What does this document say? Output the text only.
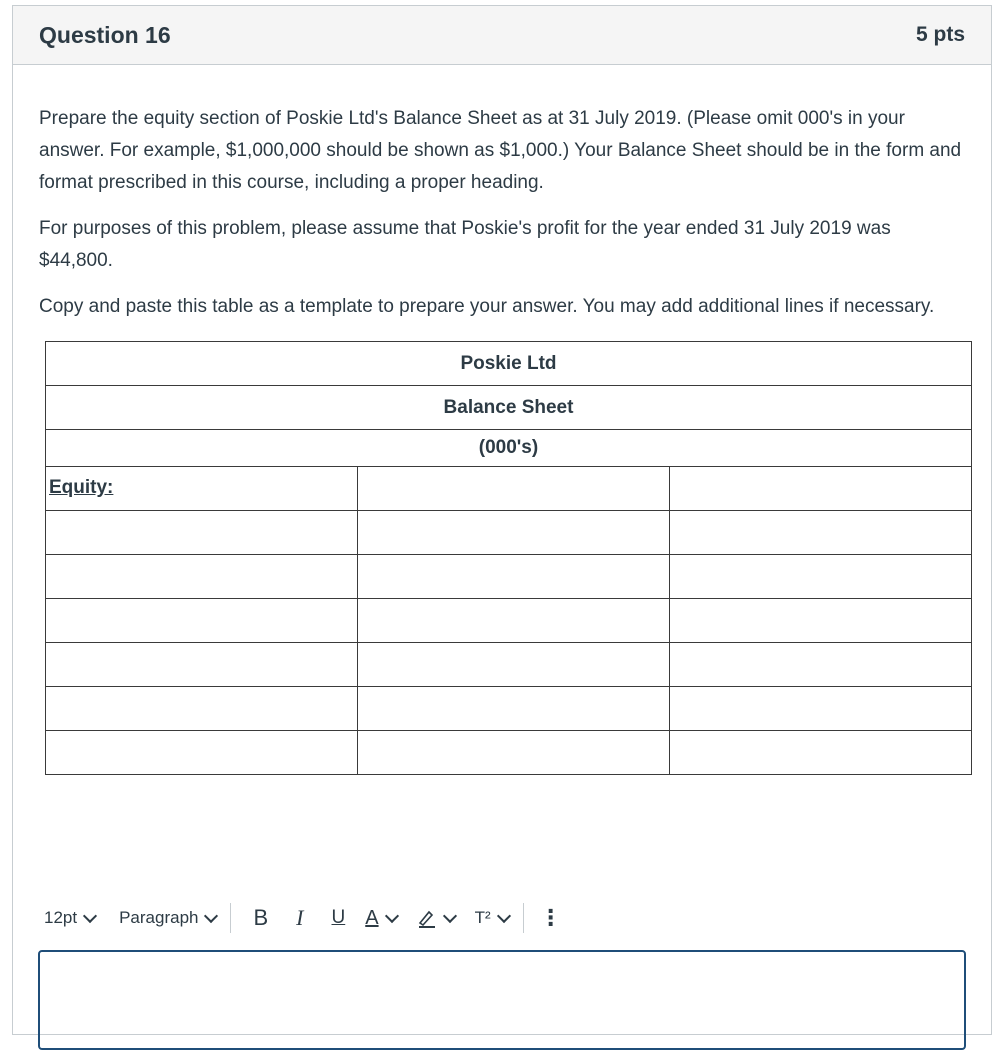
Question 16	5 pts

Prepare the equity section of Poskie Ltd's Balance Sheet as at 31 July 2019. (Please omit 000's in your answer. For example, $1,000,000 should be shown as $1,000.) Your Balance Sheet should be in the form and format prescribed in this course, including a proper heading.

For purposes of this problem, please assume that Poskie's profit for the year ended 31 July 2019 was $44,800.

Copy and paste this table as a template to prepare your answer. You may add additional lines if necessary.

Poskie Ltd		
Balance Sheet		
(000's)		
Equity:		

12pt Paragraph	B I U A	T² ⋮
